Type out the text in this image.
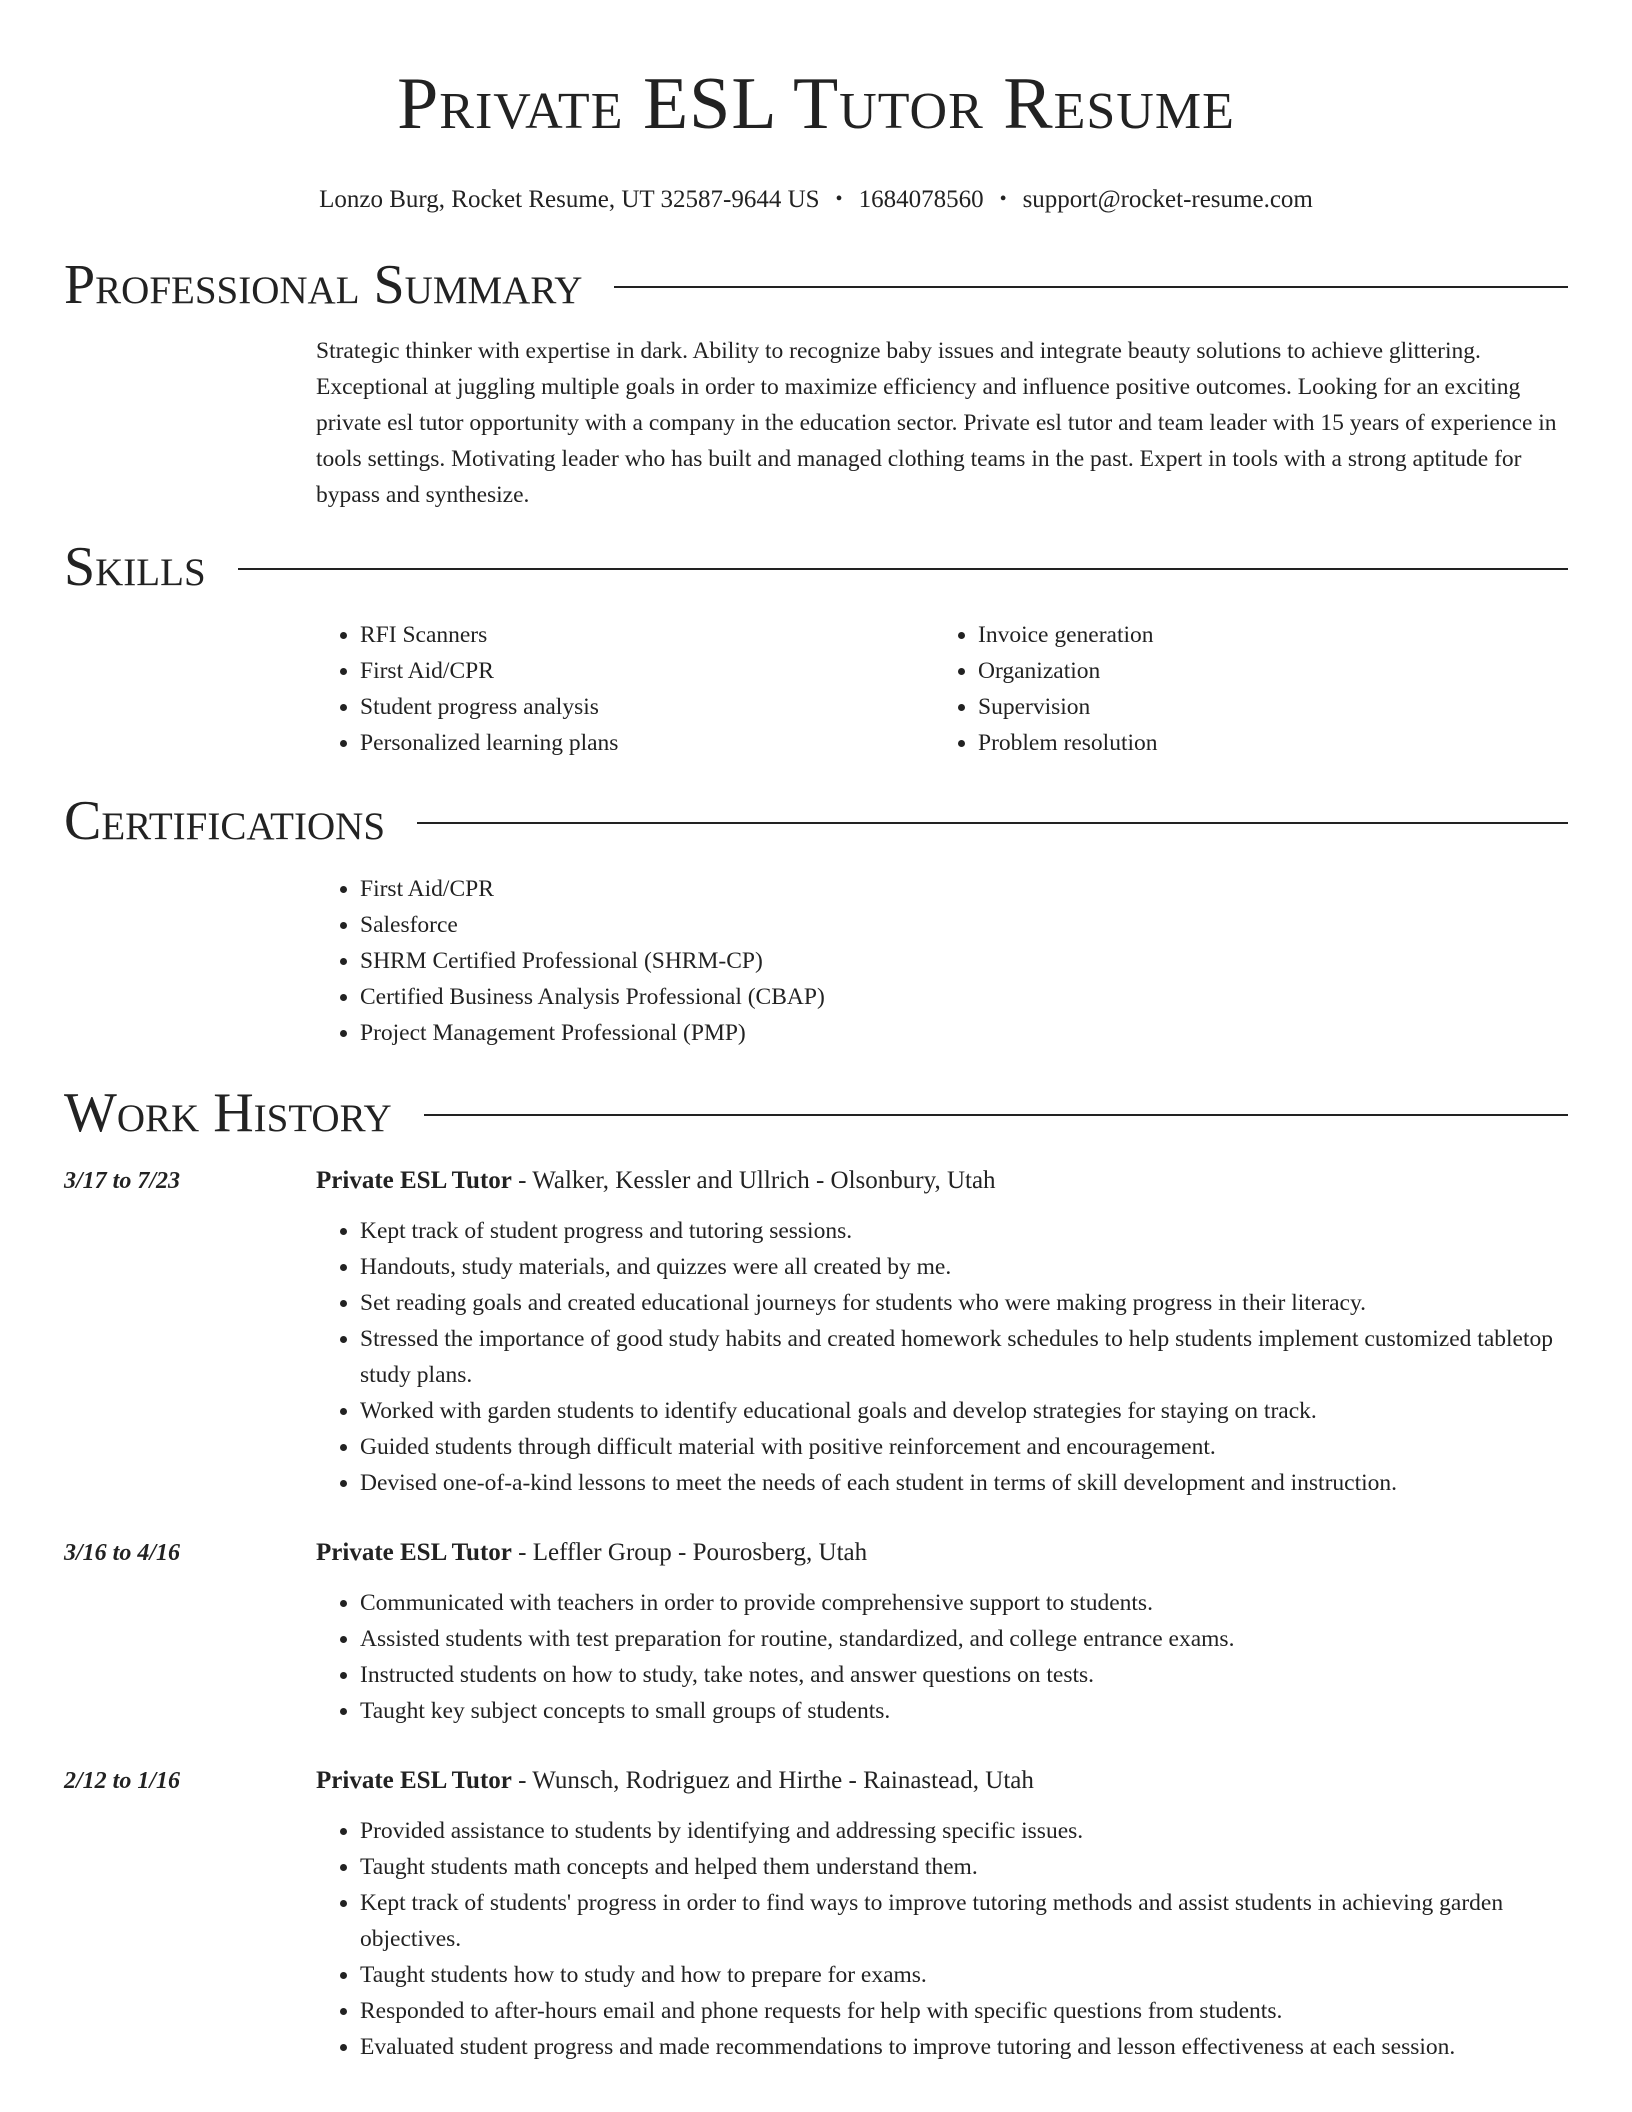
Private ESL Tutor Resume
Lonzo Burg, Rocket Resume, UT 32587-9644 US • 1684078560 • support@rocket-resume.com
Professional Summary

Strategic thinker with expertise in dark. Ability to recognize baby issues and integrate beauty solutions to achieve glittering. Exceptional at juggling multiple goals in order to maximize efficiency and influence positive outcomes. Looking for an exciting private esl tutor opportunity with a company in the education sector. Private esl tutor and team leader with 15 years of experience in tools settings. Motivating leader who has built and managed clothing teams in the past. Expert in tools with a strong aptitude for bypass and synthesize.

Skills
• RFI Scanners
• First Aid/CPR
• Student progress analysis
• Personalized learning plans
• Invoice generation
• Organization
• Supervision
• Problem resolution
Certifications
• First Aid/CPR
• Salesforce
• SHRM Certified Professional (SHRM-CP)
• Certified Business Analysis Professional (CBAP)
• Project Management Professional (PMP)
Work History
3/17 to 7/23	Private ESL Tutor - Walker, Kessler and Ullrich - Olsonbury, Utah
• Kept track of student progress and tutoring sessions.
• Handouts, study materials, and quizzes were all created by me.
• Set reading goals and created educational journeys for students who were making progress in their literacy.
• Stressed the importance of good study habits and created homework schedules to help students implement customized tabletop study plans.
• Worked with garden students to identify educational goals and develop strategies for staying on track.
• Guided students through difficult material with positive reinforcement and encouragement.
• Devised one-of-a-kind lessons to meet the needs of each student in terms of skill development and instruction.
3/16 to 4/16	Private ESL Tutor - Leffler Group - Pourosberg, Utah
• Communicated with teachers in order to provide comprehensive support to students.
• Assisted students with test preparation for routine, standardized, and college entrance exams.
• Instructed students on how to study, take notes, and answer questions on tests.
• Taught key subject concepts to small groups of students.
2/12 to 1/16	Private ESL Tutor - Wunsch, Rodriguez and Hirthe - Rainastead, Utah
• Provided assistance to students by identifying and addressing specific issues.
• Taught students math concepts and helped them understand them.
• Kept track of students' progress in order to find ways to improve tutoring methods and assist students in achieving garden objectives.
• Taught students how to study and how to prepare for exams.
• Responded to after-hours email and phone requests for help with specific questions from students.
• Evaluated student progress and made recommendations to improve tutoring and lesson effectiveness at each session.
